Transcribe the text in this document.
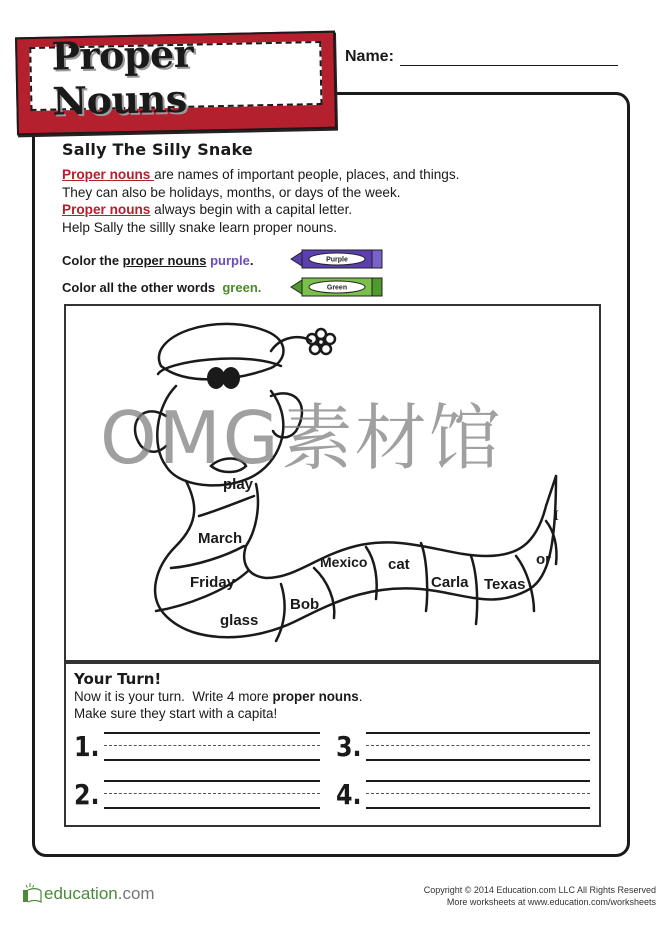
Proper Nouns
Name:
Sally The Silly Snake
Proper nouns are names of important people, places, and things.
They can also be holidays, months, or days of the week.
Proper nouns always begin with a capital letter.
Help Sally the sillly snake learn proper nouns.
Color the proper nouns
purple .
Color all the other words green.
Purple
Green
play
March
Friday
glass
Bob
Mexico cat
Carla Texas
or
I
OMG素材馆
Your Turn!
Now it is your turn.  Write 4 more proper nouns.
Make sure they start with a capita!
1.
2.
3.
4.
education .com	Copyright © 2014 Education.com LLC All Rights Reserved
More worksheets at www.education.com/worksheets
